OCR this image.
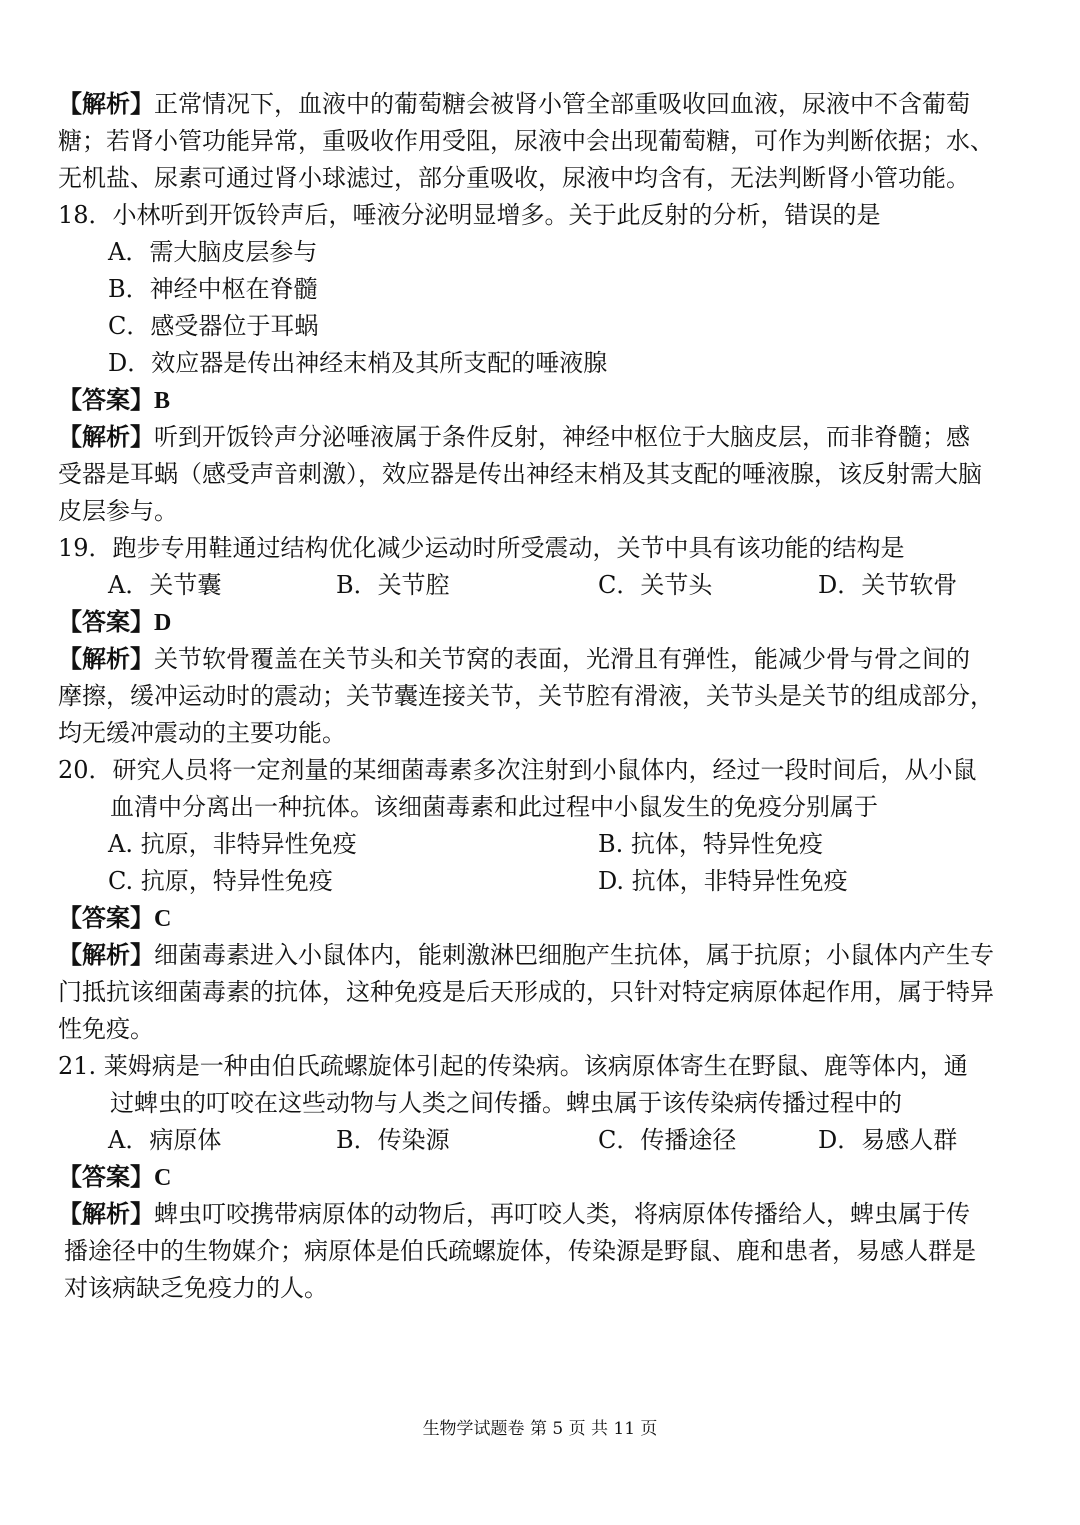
【解析】正常情况下，血液中的葡萄糖会被肾小管全部重吸收回血液，尿液中不含葡萄
糖；若肾小管功能异常，重吸收作用受阻，尿液中会出现葡萄糖，可作为判断依据；水、
无机盐、尿素可通过肾小球滤过，部分重吸收，尿液中均含有，无法判断肾小管功能。
18．小林听到开饭铃声后，唾液分泌明显增多。关于此反射的分析，错误的是
A．需大脑皮层参与
B．神经中枢在脊髓
C．感受器位于耳蜗
D．效应器是传出神经末梢及其所支配的唾液腺
【答案】B
【解析】听到开饭铃声分泌唾液属于条件反射，神经中枢位于大脑皮层，而非脊髓；感
受器是耳蜗（感受声音刺激），效应器是传出神经末梢及其支配的唾液腺，该反射需大脑
皮层参与。
19．跑步专用鞋通过结构优化减少运动时所受震动，关节中具有该功能的结构是
A．关节囊	B．关节腔	C．关节头	D．关节软骨
【答案】D
【解析】关节软骨覆盖在关节头和关节窝的表面，光滑且有弹性，能减少骨与骨之间的
摩擦，缓冲运动时的震动；关节囊连接关节，关节腔有滑液，关节头是关节的组成部分，
均无缓冲震动的主要功能。
20．研究人员将一定剂量的某细菌毒素多次注射到小鼠体内，经过一段时间后，从小鼠
血清中分离出一种抗体。该细菌毒素和此过程中小鼠发生的免疫分别属于
A. 抗原，非特异性免疫	B. 抗体，特异性免疫
C. 抗原，特异性免疫	D. 抗体，非特异性免疫
【答案】C
【解析】细菌毒素进入小鼠体内，能刺激淋巴细胞产生抗体，属于抗原；小鼠体内产生专
门抵抗该细菌毒素的抗体，这种免疫是后天形成的，只针对特定病原体起作用，属于特异
性免疫。
21. 莱姆病是一种由伯氏疏螺旋体引起的传染病。该病原体寄生在野鼠、鹿等体内，通
过蜱虫的叮咬在这些动物与人类之间传播。蜱虫属于该传染病传播过程中的
A．病原体	B．传染源	C．传播途径	D．易感人群
【答案】C
【解析】蜱虫叮咬携带病原体的动物后，再叮咬人类，将病原体传播给人，蜱虫属于传
播途径中的生物媒介；病原体是伯氏疏螺旋体，传染源是野鼠、鹿和患者，易感人群是
对该病缺乏免疫力的人。
生物学试题卷 第 5 页 共 11 页
